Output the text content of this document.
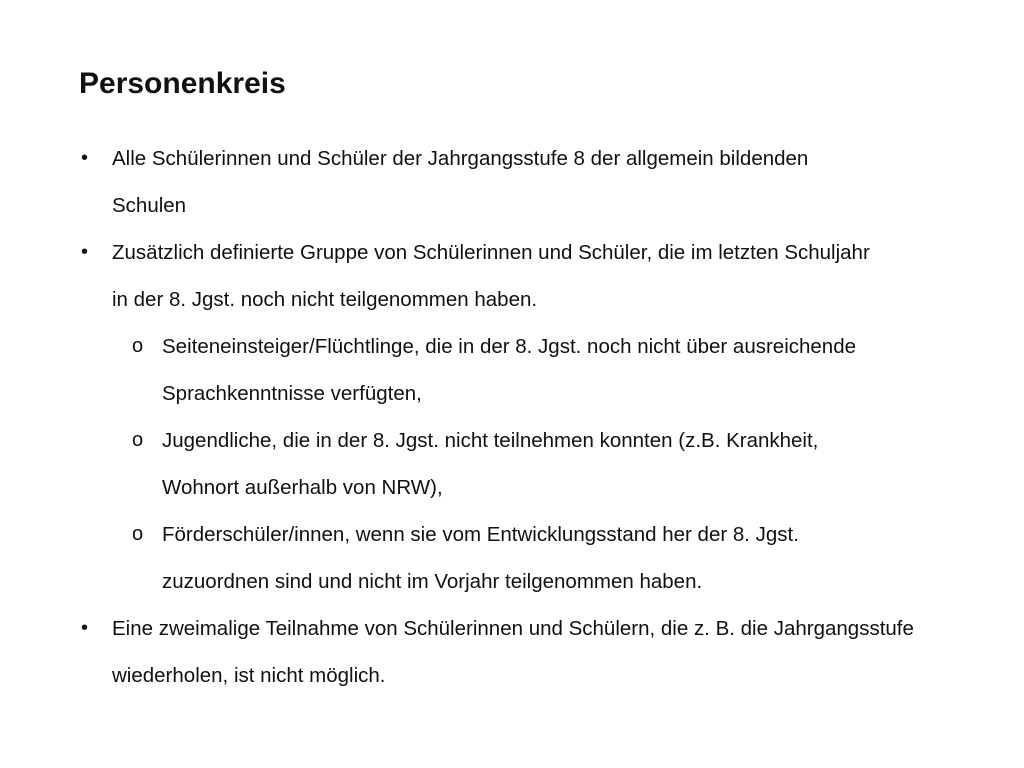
Personenkreis
• Alle Schülerinnen und Schüler der Jahrgangsstufe 8 der allgemein bildenden Schulen
• Zusätzlich definierte Gruppe von Schülerinnen und Schüler, die im letzten Schuljahr in der 8. Jgst. noch nicht teilgenommen haben.
o Seiteneinsteiger/Flüchtlinge, die in der 8. Jgst. noch nicht über ausreichende Sprachkenntnisse verfügten,
o Jugendliche, die in der 8. Jgst. nicht teilnehmen konnten (z.B. Krankheit, Wohnort außerhalb von NRW),
o Förderschüler/innen, wenn sie vom Entwicklungsstand her der 8. Jgst. zuzuordnen sind und nicht im Vorjahr teilgenommen haben.
• Eine zweimalige Teilnahme von Schülerinnen und Schülern, die z. B. die Jahrgangsstufe wiederholen, ist nicht möglich.
